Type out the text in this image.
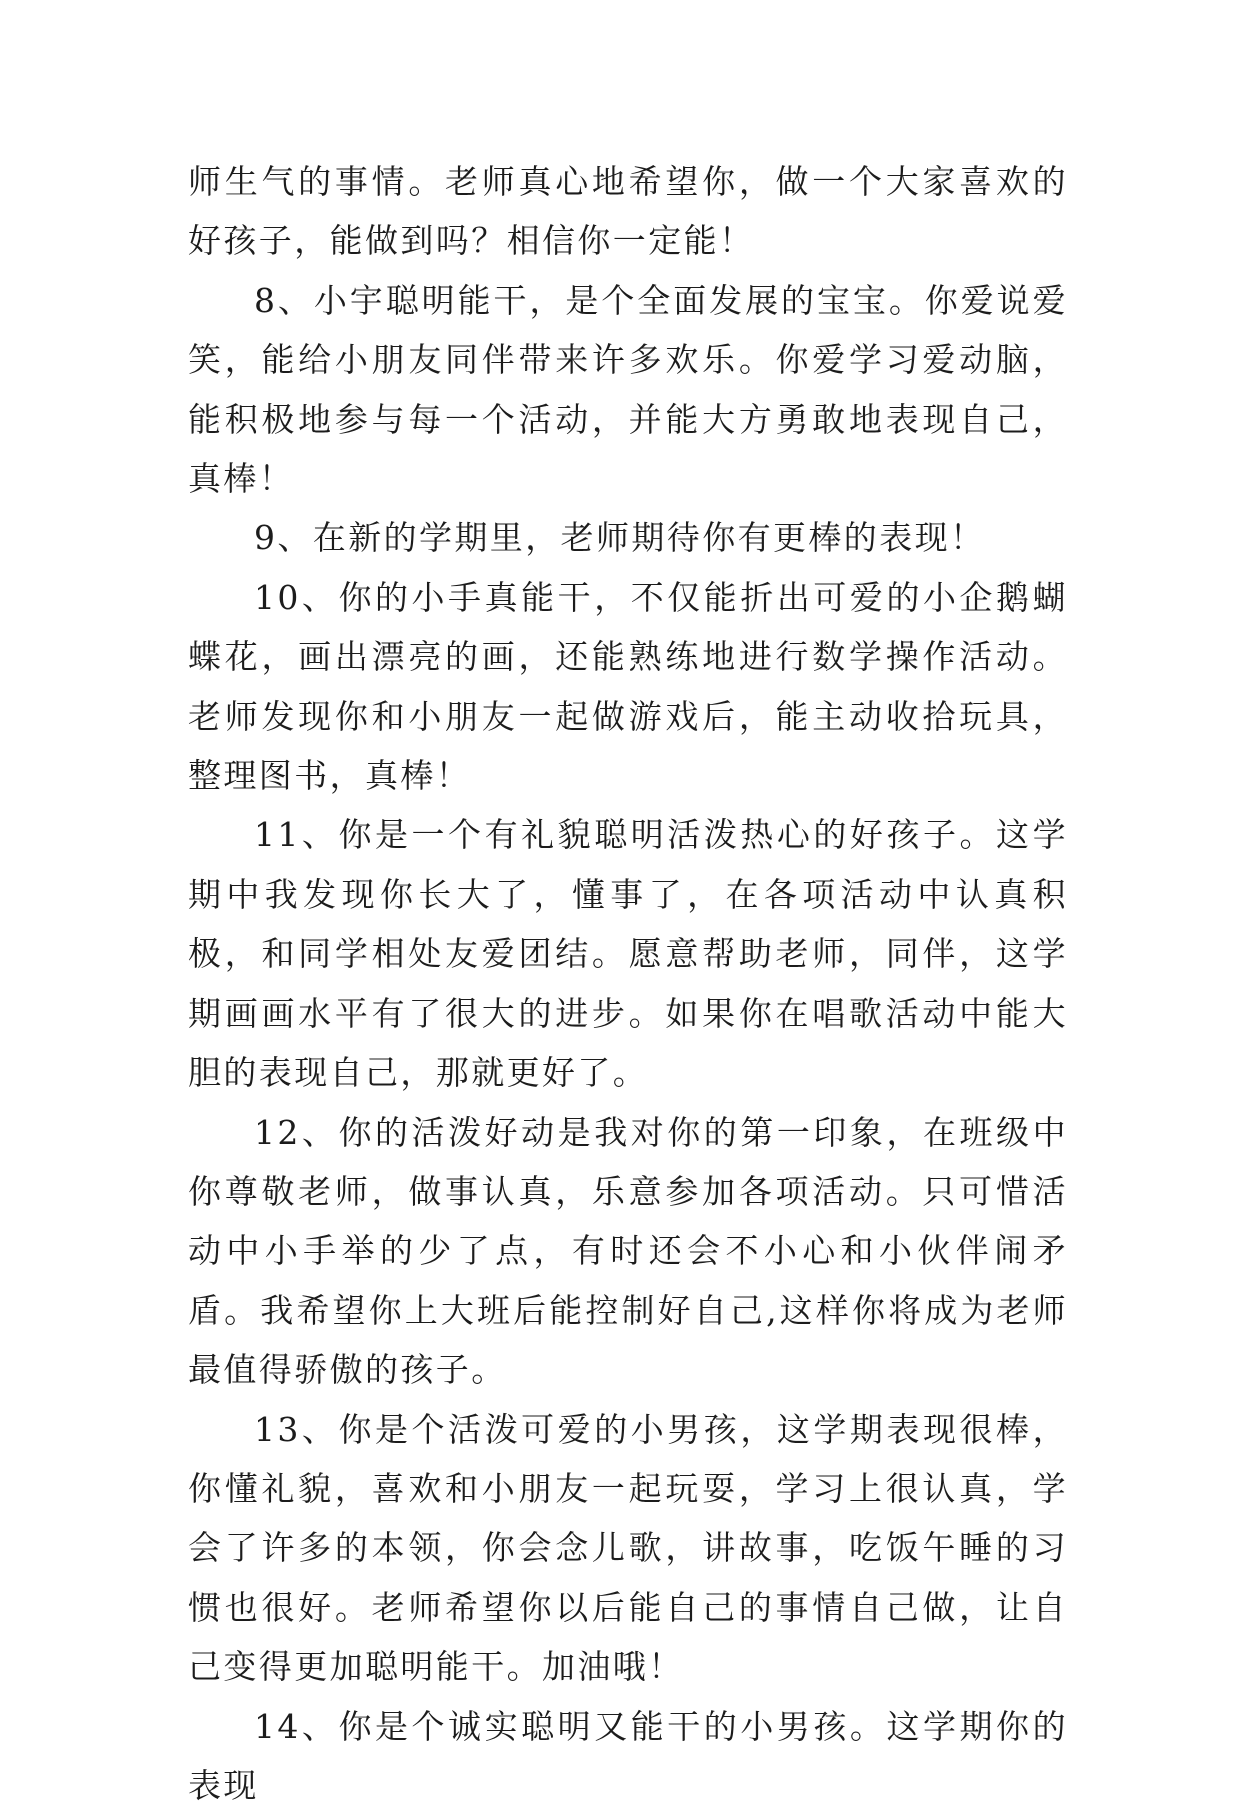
师生气的事情。老师真心地希望你，做一个大家喜欢的好孩子，能做到吗？相信你一定能！

8、小宇聪明能干，是个全面发展的宝宝。你爱说爱笑，能给小朋友同伴带来许多欢乐。你爱学习爱动脑，能积极地参与每一个活动，并能大方勇敢地表现自己，真棒！

9、在新的学期里，老师期待你有更棒的表现！

10、你的小手真能干，不仅能折出可爱的小企鹅蝴蝶花，画出漂亮的画，还能熟练地进行数学操作活动。老师发现你和小朋友一起做游戏后，能主动收拾玩具，整理图书，真棒！

11、你是一个有礼貌聪明活泼热心的好孩子。这学期中我发现你长大了，懂事了，在各项活动中认真积极，和同学相处友爱团结。愿意帮助老师，同伴，这学期画画水平有了很大的进步。如果你在唱歌活动中能大胆的表现自己，那就更好了。

12、你的活泼好动是我对你的第一印象，在班级中你尊敬老师，做事认真，乐意参加各项活动。只可惜活动中小手举的少了点，有时还会不小心和小伙伴闹矛盾。我希望你上大班后能控制好自己,这样你将成为老师最值得骄傲的孩子。

13、你是个活泼可爱的小男孩，这学期表现很棒，你懂礼貌，喜欢和小朋友一起玩耍，学习上很认真，学会了许多的本领，你会念儿歌，讲故事，吃饭午睡的习惯也很好。老师希望你以后能自己的事情自己做，让自己变得更加聪明能干。加油哦！

14、你是个诚实聪明又能干的小男孩。这学期你的表现
